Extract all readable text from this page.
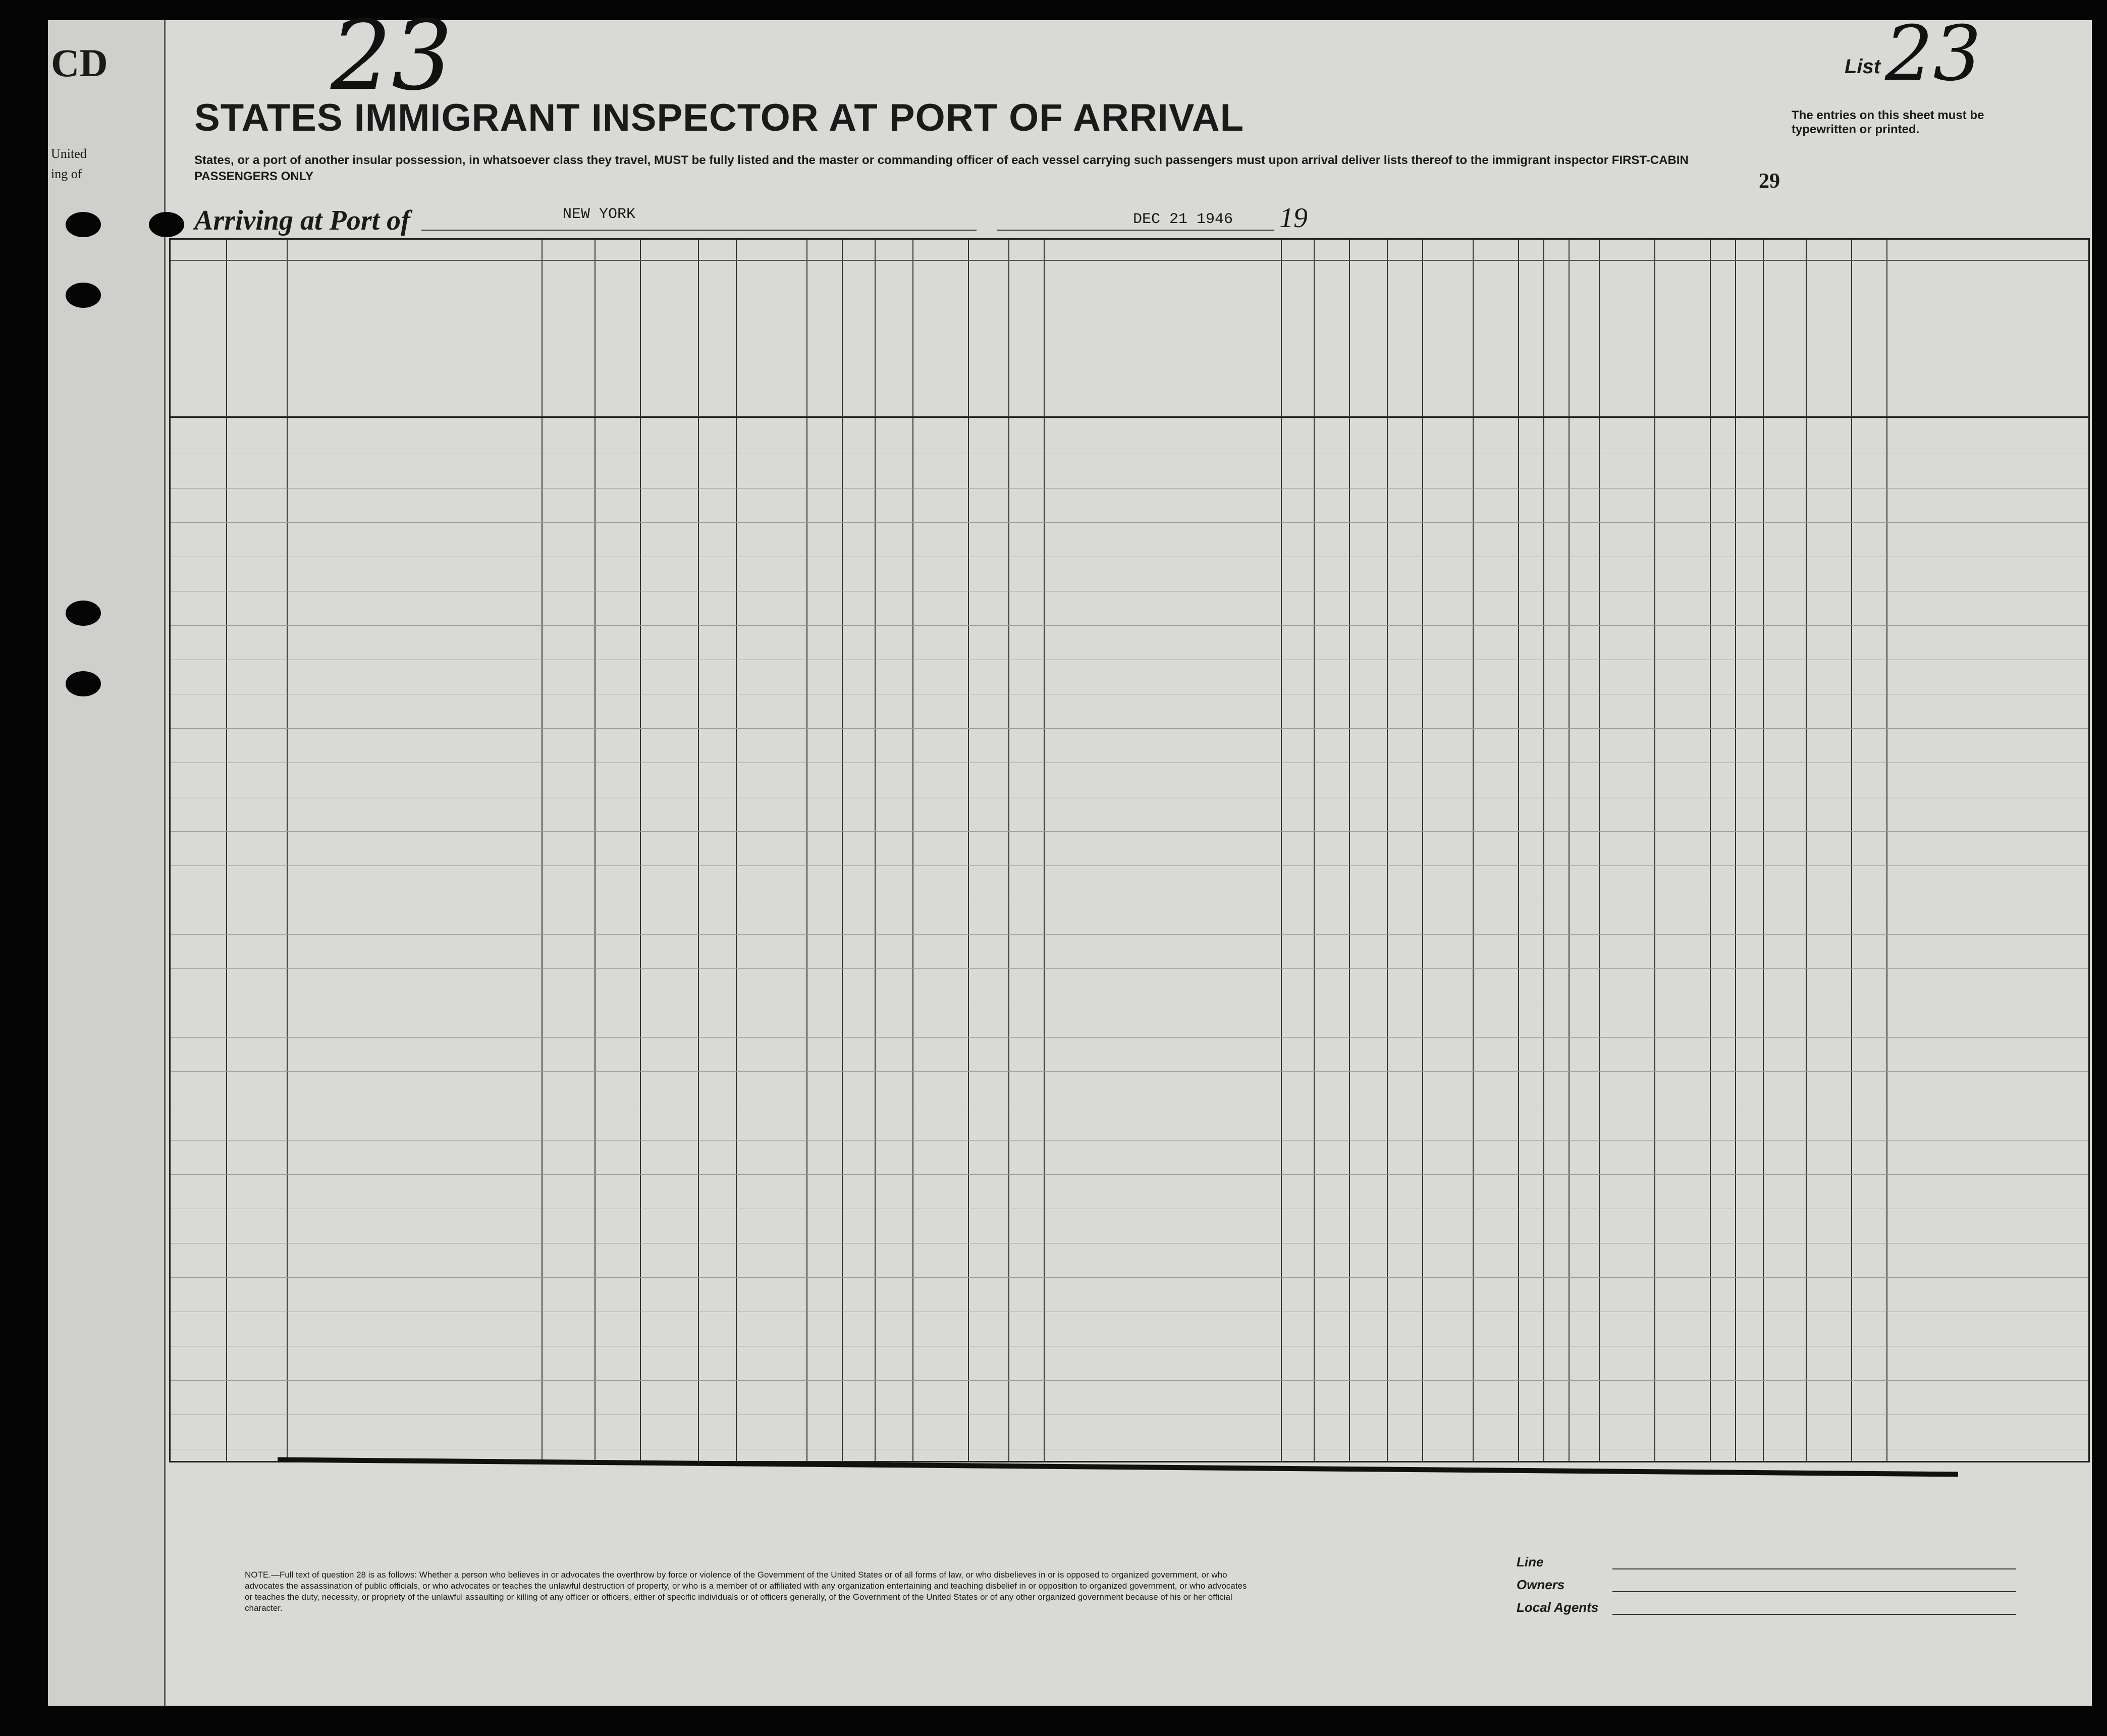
CD
United
ing of
23	List 23
STATES IMMIGRANT INSPECTOR AT PORT OF ARRIVAL
States, or a port of another insular possession, in whatsoever class they travel, MUST be fully listed and the master or commanding officer of each vessel carrying such passengers must upon arrival deliver lists thereof to the immigrant inspector FIRST-CABIN PASSENGERS ONLY
The entries on this sheet must be typewritten or printed.
29
Arriving at Port of	NEW YORK	DEC 21 1946 19
NOTE.—Full text of question 28 is as follows: Whether a person who believes in or advocates the overthrow by force or violence of the Government of the United States or of all forms of law, or who disbelieves in or is opposed to organized government, or who advocates the assassination of public officials, or who advocates or teaches the unlawful destruction of property, or who is a member of or affiliated with any organization entertaining and teaching disbelief in or opposition to organized government, or who advocates or teaches the duty, necessity, or propriety of the unlawful assaulting or killing of any officer or officers, either of specific individuals or of officers generally, of the Government of the United States or of any other organized government because of his or her official character.
Line
Owners
Local Agents
